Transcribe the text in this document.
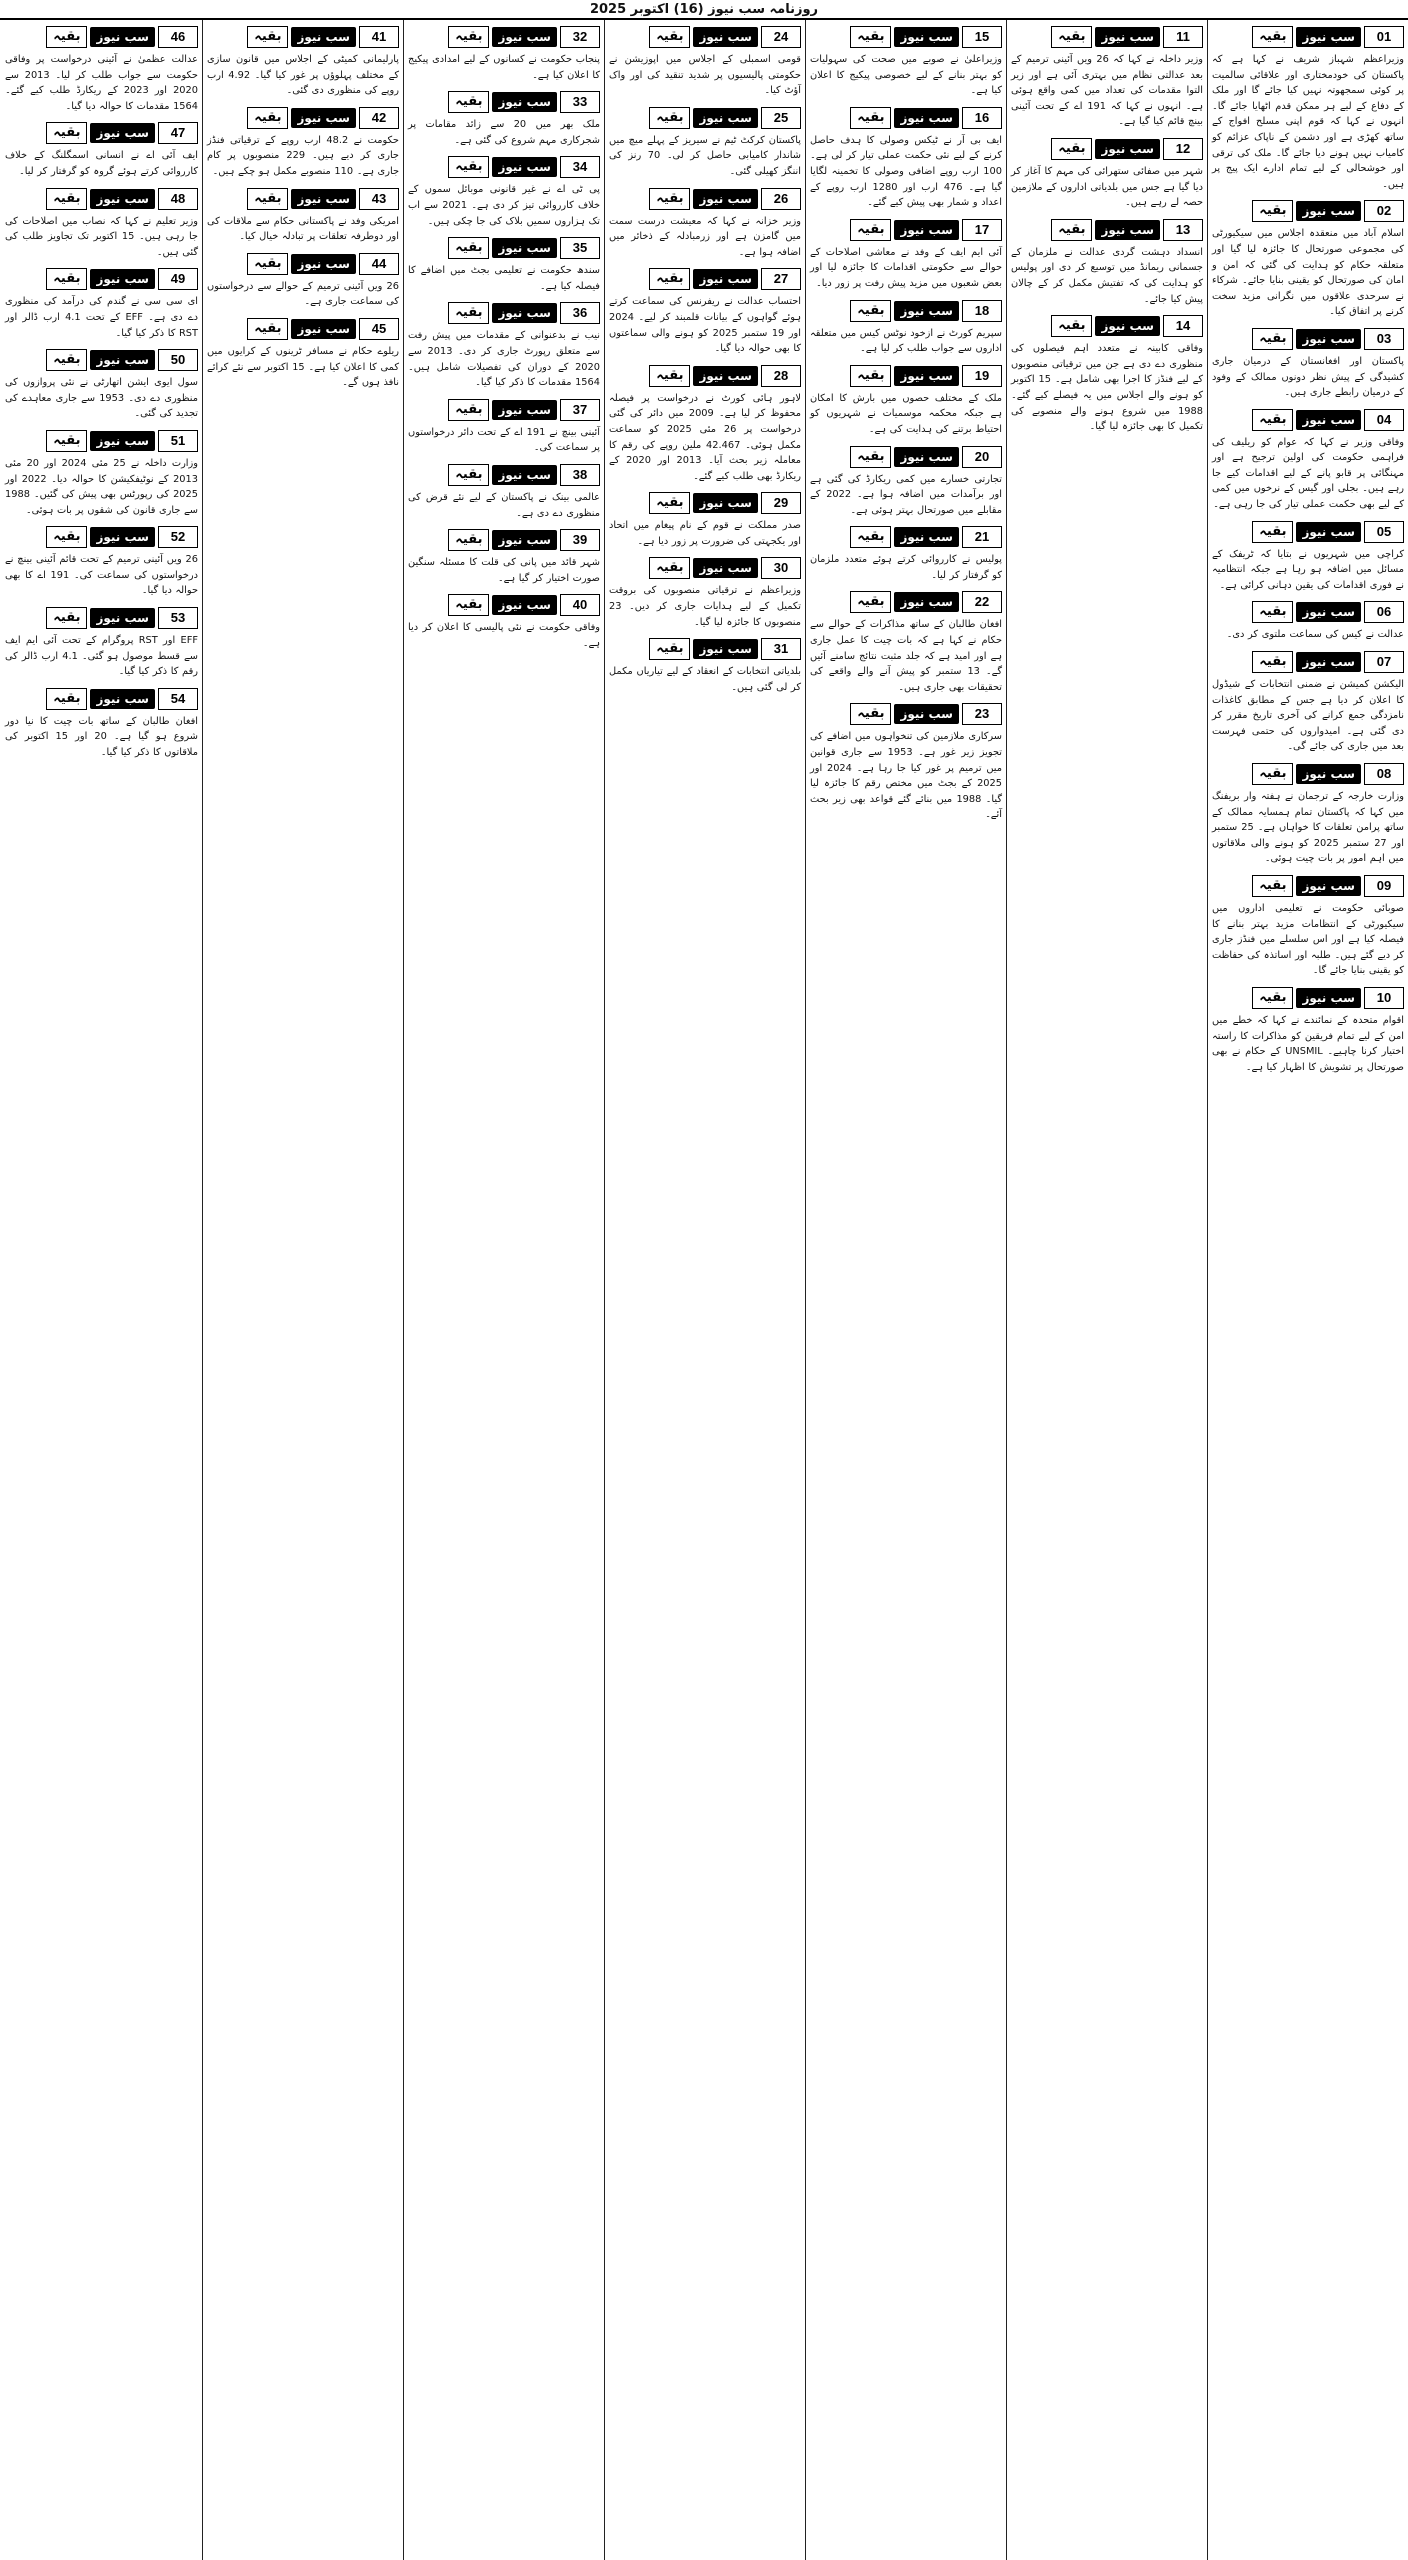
روزنامہ سب نیوز (16) اکتوبر 2025
01
سب نیوز
بقیہ
وزیراعظم شہباز شریف نے کہا ہے کہ پاکستان کی خودمختاری اور علاقائی سالمیت پر کوئی سمجھوتہ نہیں کیا جائے گا اور ملک کے دفاع کے لیے ہر ممکن قدم اٹھایا جائے گا۔ انہوں نے کہا کہ قوم اپنی مسلح افواج کے ساتھ کھڑی ہے اور دشمن کے ناپاک عزائم کو کامیاب نہیں ہونے دیا جائے گا۔ ملک کی ترقی اور خوشحالی کے لیے تمام ادارے ایک پیج پر ہیں۔
02
سب نیوز
بقیہ
اسلام آباد میں منعقدہ اجلاس میں سیکیورٹی کی مجموعی صورتحال کا جائزہ لیا گیا اور متعلقہ حکام کو ہدایت کی گئی کہ امن و امان کی صورتحال کو یقینی بنایا جائے۔ شرکاء نے سرحدی علاقوں میں نگرانی مزید سخت کرنے پر اتفاق کیا۔
03
سب نیوز
بقیہ
پاکستان اور افغانستان کے درمیان جاری کشیدگی کے پیش نظر دونوں ممالک کے وفود کے درمیان رابطے جاری ہیں۔
04
سب نیوز
بقیہ
وفاقی وزیر نے کہا کہ عوام کو ریلیف کی فراہمی حکومت کی اولین ترجیح ہے اور مہنگائی پر قابو پانے کے لیے اقدامات کیے جا رہے ہیں۔ بجلی اور گیس کے نرخوں میں کمی کے لیے بھی حکمت عملی تیار کی جا رہی ہے۔
05
سب نیوز
بقیہ
کراچی میں شہریوں نے بتایا کہ ٹریفک کے مسائل میں اضافہ ہو رہا ہے جبکہ انتظامیہ نے فوری اقدامات کی یقین دہانی کرائی ہے۔
06
سب نیوز
بقیہ
عدالت نے کیس کی سماعت ملتوی کر دی۔
07
سب نیوز
بقیہ
الیکشن کمیشن نے ضمنی انتخابات کے شیڈول کا اعلان کر دیا ہے جس کے مطابق کاغذات نامزدگی جمع کرانے کی آخری تاریخ مقرر کر دی گئی ہے۔ امیدواروں کی حتمی فہرست بعد میں جاری کی جائے گی۔
08
سب نیوز
بقیہ
وزارت خارجہ کے ترجمان نے ہفتہ وار بریفنگ میں کہا کہ پاکستان تمام ہمسایہ ممالک کے ساتھ پرامن تعلقات کا خواہاں ہے۔ 25 ستمبر اور 27 ستمبر 2025 کو ہونے والی ملاقاتوں میں اہم امور پر بات چیت ہوئی۔
09
سب نیوز
بقیہ
صوبائی حکومت نے تعلیمی اداروں میں سیکیورٹی کے انتظامات مزید بہتر بنانے کا فیصلہ کیا ہے اور اس سلسلے میں فنڈز جاری کر دیے گئے ہیں۔ طلبہ اور اساتذہ کی حفاظت کو یقینی بنایا جائے گا۔
10
سب نیوز
بقیہ
اقوام متحدہ کے نمائندے نے کہا کہ خطے میں امن کے لیے تمام فریقین کو مذاکرات کا راستہ اختیار کرنا چاہیے۔ UNSMIL کے حکام نے بھی صورتحال پر تشویش کا اظہار کیا ہے۔
11
سب نیوز
بقیہ
وزیر داخلہ نے کہا کہ 26 ویں آئینی ترمیم کے بعد عدالتی نظام میں بہتری آئی ہے اور زیر التوا مقدمات کی تعداد میں کمی واقع ہوئی ہے۔ انہوں نے کہا کہ 191 اے کے تحت آئینی بینچ قائم کیا گیا ہے۔
12
سب نیوز
بقیہ
شہر میں صفائی ستھرائی کی مہم کا آغاز کر دیا گیا ہے جس میں بلدیاتی اداروں کے ملازمین حصہ لے رہے ہیں۔
13
سب نیوز
بقیہ
انسداد دہشت گردی عدالت نے ملزمان کے جسمانی ریمانڈ میں توسیع کر دی اور پولیس کو ہدایت کی کہ تفتیش مکمل کر کے چالان پیش کیا جائے۔
14
سب نیوز
بقیہ
وفاقی کابینہ نے متعدد اہم فیصلوں کی منظوری دے دی ہے جن میں ترقیاتی منصوبوں کے لیے فنڈز کا اجرا بھی شامل ہے۔ 15 اکتوبر کو ہونے والے اجلاس میں یہ فیصلے کیے گئے۔ 1988 میں شروع ہونے والے منصوبے کی تکمیل کا بھی جائزہ لیا گیا۔
15
سب نیوز
بقیہ
وزیراعلیٰ نے صوبے میں صحت کی سہولیات کو بہتر بنانے کے لیے خصوصی پیکیج کا اعلان کیا ہے۔
16
سب نیوز
بقیہ
ایف بی آر نے ٹیکس وصولی کا ہدف حاصل کرنے کے لیے نئی حکمت عملی تیار کر لی ہے۔ 100 ارب روپے اضافی وصولی کا تخمینہ لگایا گیا ہے۔ 476 ارب اور 1280 ارب روپے کے اعداد و شمار بھی پیش کیے گئے۔
17
سب نیوز
بقیہ
آئی ایم ایف کے وفد نے معاشی اصلاحات کے حوالے سے حکومتی اقدامات کا جائزہ لیا اور بعض شعبوں میں مزید پیش رفت پر زور دیا۔
18
سب نیوز
بقیہ
سپریم کورٹ نے ازخود نوٹس کیس میں متعلقہ اداروں سے جواب طلب کر لیا ہے۔
19
سب نیوز
بقیہ
ملک کے مختلف حصوں میں بارش کا امکان ہے جبکہ محکمہ موسمیات نے شہریوں کو احتیاط برتنے کی ہدایت کی ہے۔
20
سب نیوز
بقیہ
تجارتی خسارے میں کمی ریکارڈ کی گئی ہے اور برآمدات میں اضافہ ہوا ہے۔ 2022 کے مقابلے میں صورتحال بہتر ہوئی ہے۔
21
سب نیوز
بقیہ
پولیس نے کارروائی کرتے ہوئے متعدد ملزمان کو گرفتار کر لیا۔
22
سب نیوز
بقیہ
افغان طالبان کے ساتھ مذاکرات کے حوالے سے حکام نے کہا ہے کہ بات چیت کا عمل جاری ہے اور امید ہے کہ جلد مثبت نتائج سامنے آئیں گے۔ 13 ستمبر کو پیش آنے والے واقعے کی تحقیقات بھی جاری ہیں۔
23
سب نیوز
بقیہ
سرکاری ملازمین کی تنخواہوں میں اضافے کی تجویز زیر غور ہے۔ 1953 سے جاری قوانین میں ترمیم پر غور کیا جا رہا ہے۔ 2024 اور 2025 کے بجٹ میں مختص رقم کا جائزہ لیا گیا۔ 1988 میں بنائے گئے قواعد بھی زیر بحث آئے۔
24
سب نیوز
بقیہ
قومی اسمبلی کے اجلاس میں اپوزیشن نے حکومتی پالیسیوں پر شدید تنقید کی اور واک آؤٹ کیا۔
25
سب نیوز
بقیہ
پاکستان کرکٹ ٹیم نے سیریز کے پہلے میچ میں شاندار کامیابی حاصل کر لی۔ 70 رنز کی اننگز کھیلی گئی۔
26
سب نیوز
بقیہ
وزیر خزانہ نے کہا کہ معیشت درست سمت میں گامزن ہے اور زرمبادلہ کے ذخائر میں اضافہ ہوا ہے۔
27
سب نیوز
بقیہ
احتساب عدالت نے ریفرنس کی سماعت کرتے ہوئے گواہوں کے بیانات قلمبند کر لیے۔ 2024 اور 19 ستمبر 2025 کو ہونے والی سماعتوں کا بھی حوالہ دیا گیا۔
28
سب نیوز
بقیہ
لاہور ہائی کورٹ نے درخواست پر فیصلہ محفوظ کر لیا ہے۔ 2009 میں دائر کی گئی درخواست پر 26 مئی 2025 کو سماعت مکمل ہوئی۔ 42.467 ملین روپے کی رقم کا معاملہ زیر بحث آیا۔ 2013 اور 2020 کے ریکارڈ بھی طلب کیے گئے۔
29
سب نیوز
بقیہ
صدر مملکت نے قوم کے نام پیغام میں اتحاد اور یکجہتی کی ضرورت پر زور دیا ہے۔
30
سب نیوز
بقیہ
وزیراعظم نے ترقیاتی منصوبوں کی بروقت تکمیل کے لیے ہدایات جاری کر دیں۔ 23 منصوبوں کا جائزہ لیا گیا۔
31
سب نیوز
بقیہ
بلدیاتی انتخابات کے انعقاد کے لیے تیاریاں مکمل کر لی گئی ہیں۔
32
سب نیوز
بقیہ
پنجاب حکومت نے کسانوں کے لیے امدادی پیکیج کا اعلان کیا ہے۔
33
سب نیوز
بقیہ
ملک بھر میں 20 سے زائد مقامات پر شجرکاری مہم شروع کی گئی ہے۔
34
سب نیوز
بقیہ
پی ٹی اے نے غیر قانونی موبائل سموں کے خلاف کارروائی تیز کر دی ہے۔ 2021 سے اب تک ہزاروں سمیں بلاک کی جا چکی ہیں۔
35
سب نیوز
بقیہ
سندھ حکومت نے تعلیمی بجٹ میں اضافے کا فیصلہ کیا ہے۔
36
سب نیوز
بقیہ
نیب نے بدعنوانی کے مقدمات میں پیش رفت سے متعلق رپورٹ جاری کر دی۔ 2013 سے 2020 کے دوران کی تفصیلات شامل ہیں۔ 1564 مقدمات کا ذکر کیا گیا۔
37
سب نیوز
بقیہ
آئینی بینچ نے 191 اے کے تحت دائر درخواستوں پر سماعت کی۔
38
سب نیوز
بقیہ
عالمی بینک نے پاکستان کے لیے نئے قرض کی منظوری دے دی ہے۔
39
سب نیوز
بقیہ
شہر قائد میں پانی کی قلت کا مسئلہ سنگین صورت اختیار کر گیا ہے۔
40
سب نیوز
بقیہ
وفاقی حکومت نے نئی پالیسی کا اعلان کر دیا ہے۔
41
سب نیوز
بقیہ
پارلیمانی کمیٹی کے اجلاس میں قانون سازی کے مختلف پہلوؤں پر غور کیا گیا۔ 4.92 ارب روپے کی منظوری دی گئی۔
42
سب نیوز
بقیہ
حکومت نے 48.2 ارب روپے کے ترقیاتی فنڈز جاری کر دیے ہیں۔ 229 منصوبوں پر کام جاری ہے۔ 110 منصوبے مکمل ہو چکے ہیں۔
43
سب نیوز
بقیہ
امریکی وفد نے پاکستانی حکام سے ملاقات کی اور دوطرفہ تعلقات پر تبادلہ خیال کیا۔
44
سب نیوز
بقیہ
26 ویں آئینی ترمیم کے حوالے سے درخواستوں کی سماعت جاری ہے۔
45
سب نیوز
بقیہ
ریلوے حکام نے مسافر ٹرینوں کے کرایوں میں کمی کا اعلان کیا ہے۔ 15 اکتوبر سے نئے کرائے نافذ ہوں گے۔
46
سب نیوز
بقیہ
عدالت عظمیٰ نے آئینی درخواست پر وفاقی حکومت سے جواب طلب کر لیا۔ 2013 سے 2020 اور 2023 کے ریکارڈ طلب کیے گئے۔ 1564 مقدمات کا حوالہ دیا گیا۔
47
سب نیوز
بقیہ
ایف آئی اے نے انسانی اسمگلنگ کے خلاف کارروائی کرتے ہوئے گروہ کو گرفتار کر لیا۔
48
سب نیوز
بقیہ
وزیر تعلیم نے کہا کہ نصاب میں اصلاحات کی جا رہی ہیں۔ 15 اکتوبر تک تجاویز طلب کی گئی ہیں۔
49
سب نیوز
بقیہ
ای سی سی نے گندم کی درآمد کی منظوری دے دی ہے۔ EFF کے تحت 4.1 ارب ڈالر اور RST کا ذکر کیا گیا۔
50
سب نیوز
بقیہ
سول ایوی ایشن اتھارٹی نے نئی پروازوں کی منظوری دے دی۔ 1953 سے جاری معاہدے کی تجدید کی گئی۔
51
سب نیوز
بقیہ
وزارت داخلہ نے 25 مئی 2024 اور 20 مئی 2013 کے نوٹیفکیشن کا حوالہ دیا۔ 2022 اور 2025 کی رپورٹس بھی پیش کی گئیں۔ 1988 سے جاری قانون کی شقوں پر بات ہوئی۔
52
سب نیوز
بقیہ
26 ویں آئینی ترمیم کے تحت قائم آئینی بینچ نے درخواستوں کی سماعت کی۔ 191 اے کا بھی حوالہ دیا گیا۔
53
سب نیوز
بقیہ
EFF اور RST پروگرام کے تحت آئی ایم ایف سے قسط موصول ہو گئی۔ 4.1 ارب ڈالر کی رقم کا ذکر کیا گیا۔
54
سب نیوز
بقیہ
افغان طالبان کے ساتھ بات چیت کا نیا دور شروع ہو گیا ہے۔ 20 اور 15 اکتوبر کی ملاقاتوں کا ذکر کیا گیا۔
